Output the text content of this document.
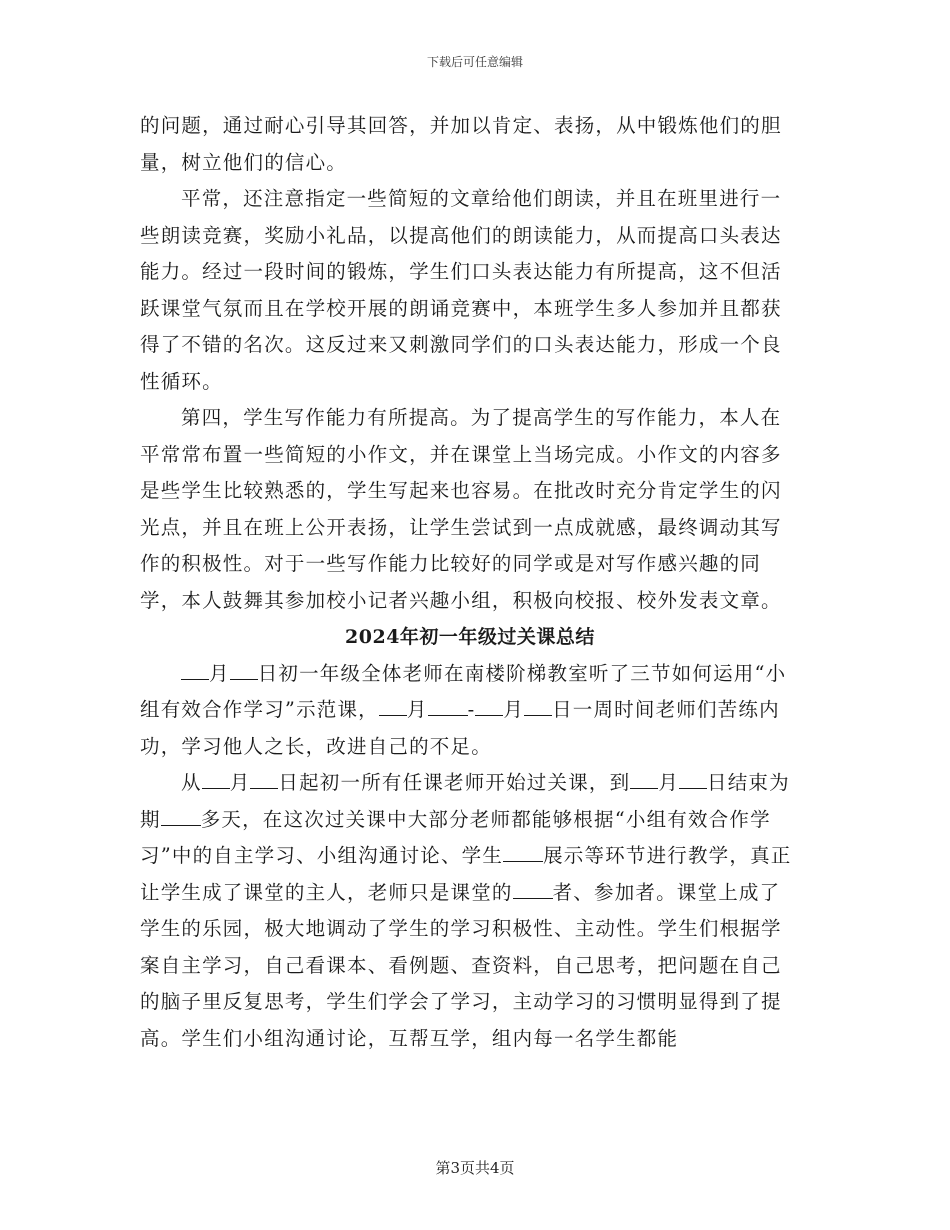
下载后可任意编辑

的问题，通过耐心引导其回答，并加以肯定、表扬，从中锻炼他们的胆量，树立他们的信心。

平常，还注意指定一些简短的文章给他们朗读，并且在班里进行一些朗读竞赛，奖励小礼品，以提高他们的朗读能力，从而提高口头表达能力。经过一段时间的锻炼，学生们口头表达能力有所提高，这不但活跃课堂气氛而且在学校开展的朗诵竞赛中，本班学生多人参加并且都获得了不错的名次。这反过来又刺激同学们的口头表达能力，形成一个良性循环。

第四，学生写作能力有所提高。为了提高学生的写作能力，本人在平常常布置一些简短的小作文，并在课堂上当场完成。小作文的内容多是些学生比较熟悉的，学生写起来也容易。在批改时充分肯定学生的闪光点，并且在班上公开表扬，让学生尝试到一点成就感，最终调动其写作的积极性。对于一些写作能力比较好的同学或是对写作感兴趣的同学，本人鼓舞其参加校小记者兴趣小组，积极向校报、校外发表文章。

2024年初一年级过关课总结

月 日初一年级全体老师在南楼阶梯教室听了三节如何运用“小组有效合作学习”示范课， 月 - 月 日一周时间老师们苦练内功，学习他人之长，改进自己的不足。

从 月 日起初一所有任课老师开始过关课，到 月 日结束为期 多天，在这次过关课中大部分老师都能够根据“小组有效合作学习”中的自主学习、小组沟通讨论、学生 展示等环节进行教学，真正让学生成了课堂的主人，老师只是课堂的 者、参加者。课堂上成了学生的乐园，极大地调动了学生的学习积极性、主动性。学生们根据学案自主学习，自己看课本、看例题、查资料，自己思考，把问题在自己的脑子里反复思考，学生们学会了学习，主动学习的习惯明显得到了提高。学生们小组沟通讨论，互帮互学，组内每一名学生都能

第3页共4页
